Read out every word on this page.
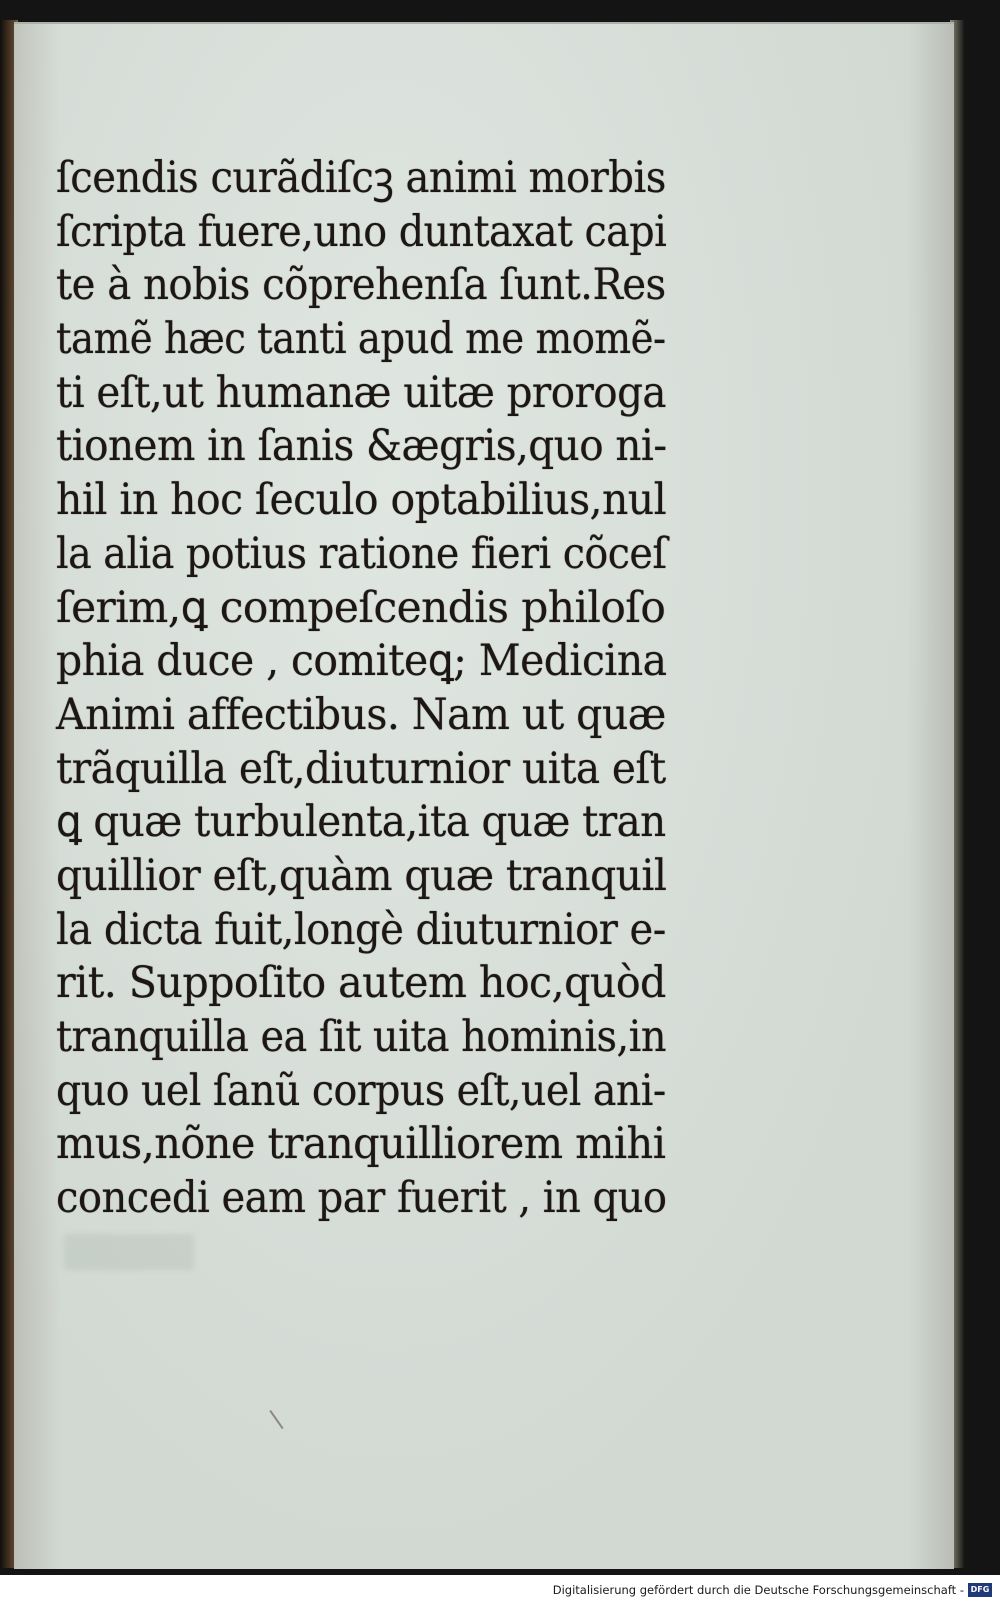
ſcendis curãdiſcꝫ animi morbis
ſcripta fuere,uno duntaxat capi
te à nobis cõprehenſa ſunt.Res
tamẽ hæc tanti apud me momẽ-
ti eſt,ut humanæ uitæ proroga
tionem in ſanis &ægris,quo ni-
hil in hoc ſeculo optabilius,nul
la alia potius ratione fieri cõceſ
ſerim,ꝗ compeſcendis philoſo
phia duce , comiteꝗ; Medicina
Animi affectibus. Nam ut quæ
trãquilla eſt,diuturnior uita eſt
ꝗ quæ turbulenta,ita quæ tran
quillior eſt,quàm quæ tranquil
la dicta fuit,longè diuturnior e-
rit. Suppoſito autem hoc,quòd
tranquilla ea ſit uita hominis,in
quo uel ſanũ corpus eſt,uel ani-
mus,nõne tranquilliorem mihi
concedi eam par fuerit , in quo
Digitalisierung gefördert durch die Deutsche Forschungsgemeinschaft - DFG
